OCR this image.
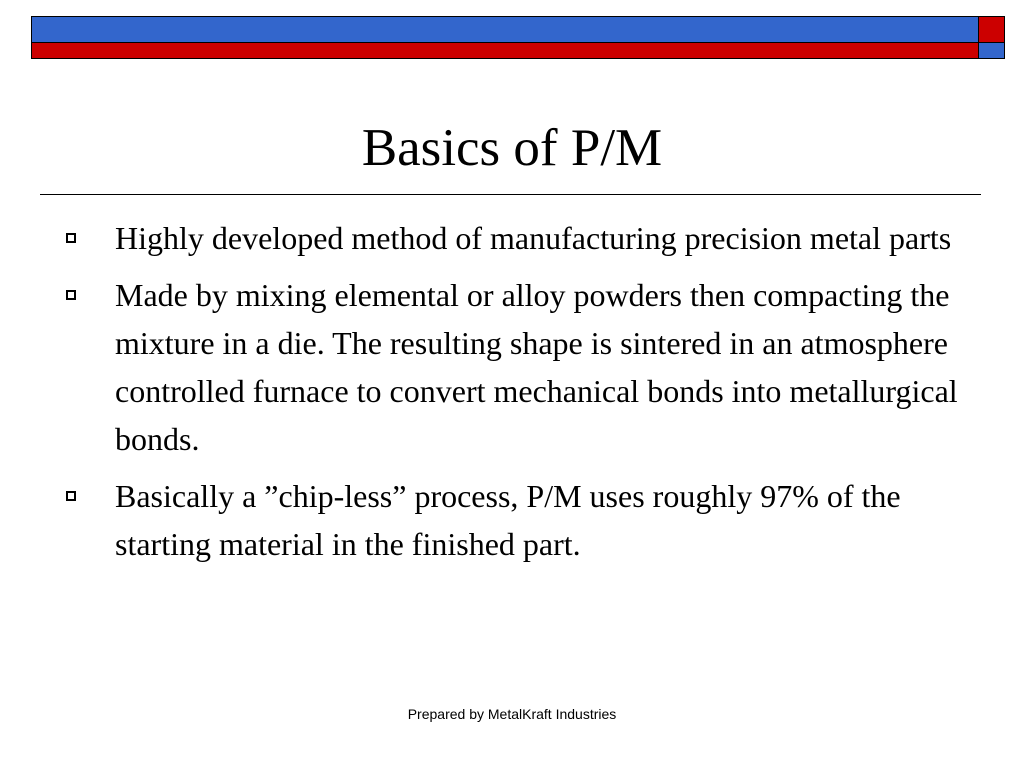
Basics of P/M
Highly developed method of manufacturing precision metal parts
Made by mixing elemental or alloy powders then compacting the mixture in a die. The resulting shape is sintered in an atmosphere controlled furnace to convert mechanical bonds into metallurgical bonds.
Basically a ”chip-less” process, P/M uses roughly 97% of the starting material in the finished part.
Prepared by MetalKraft Industries
